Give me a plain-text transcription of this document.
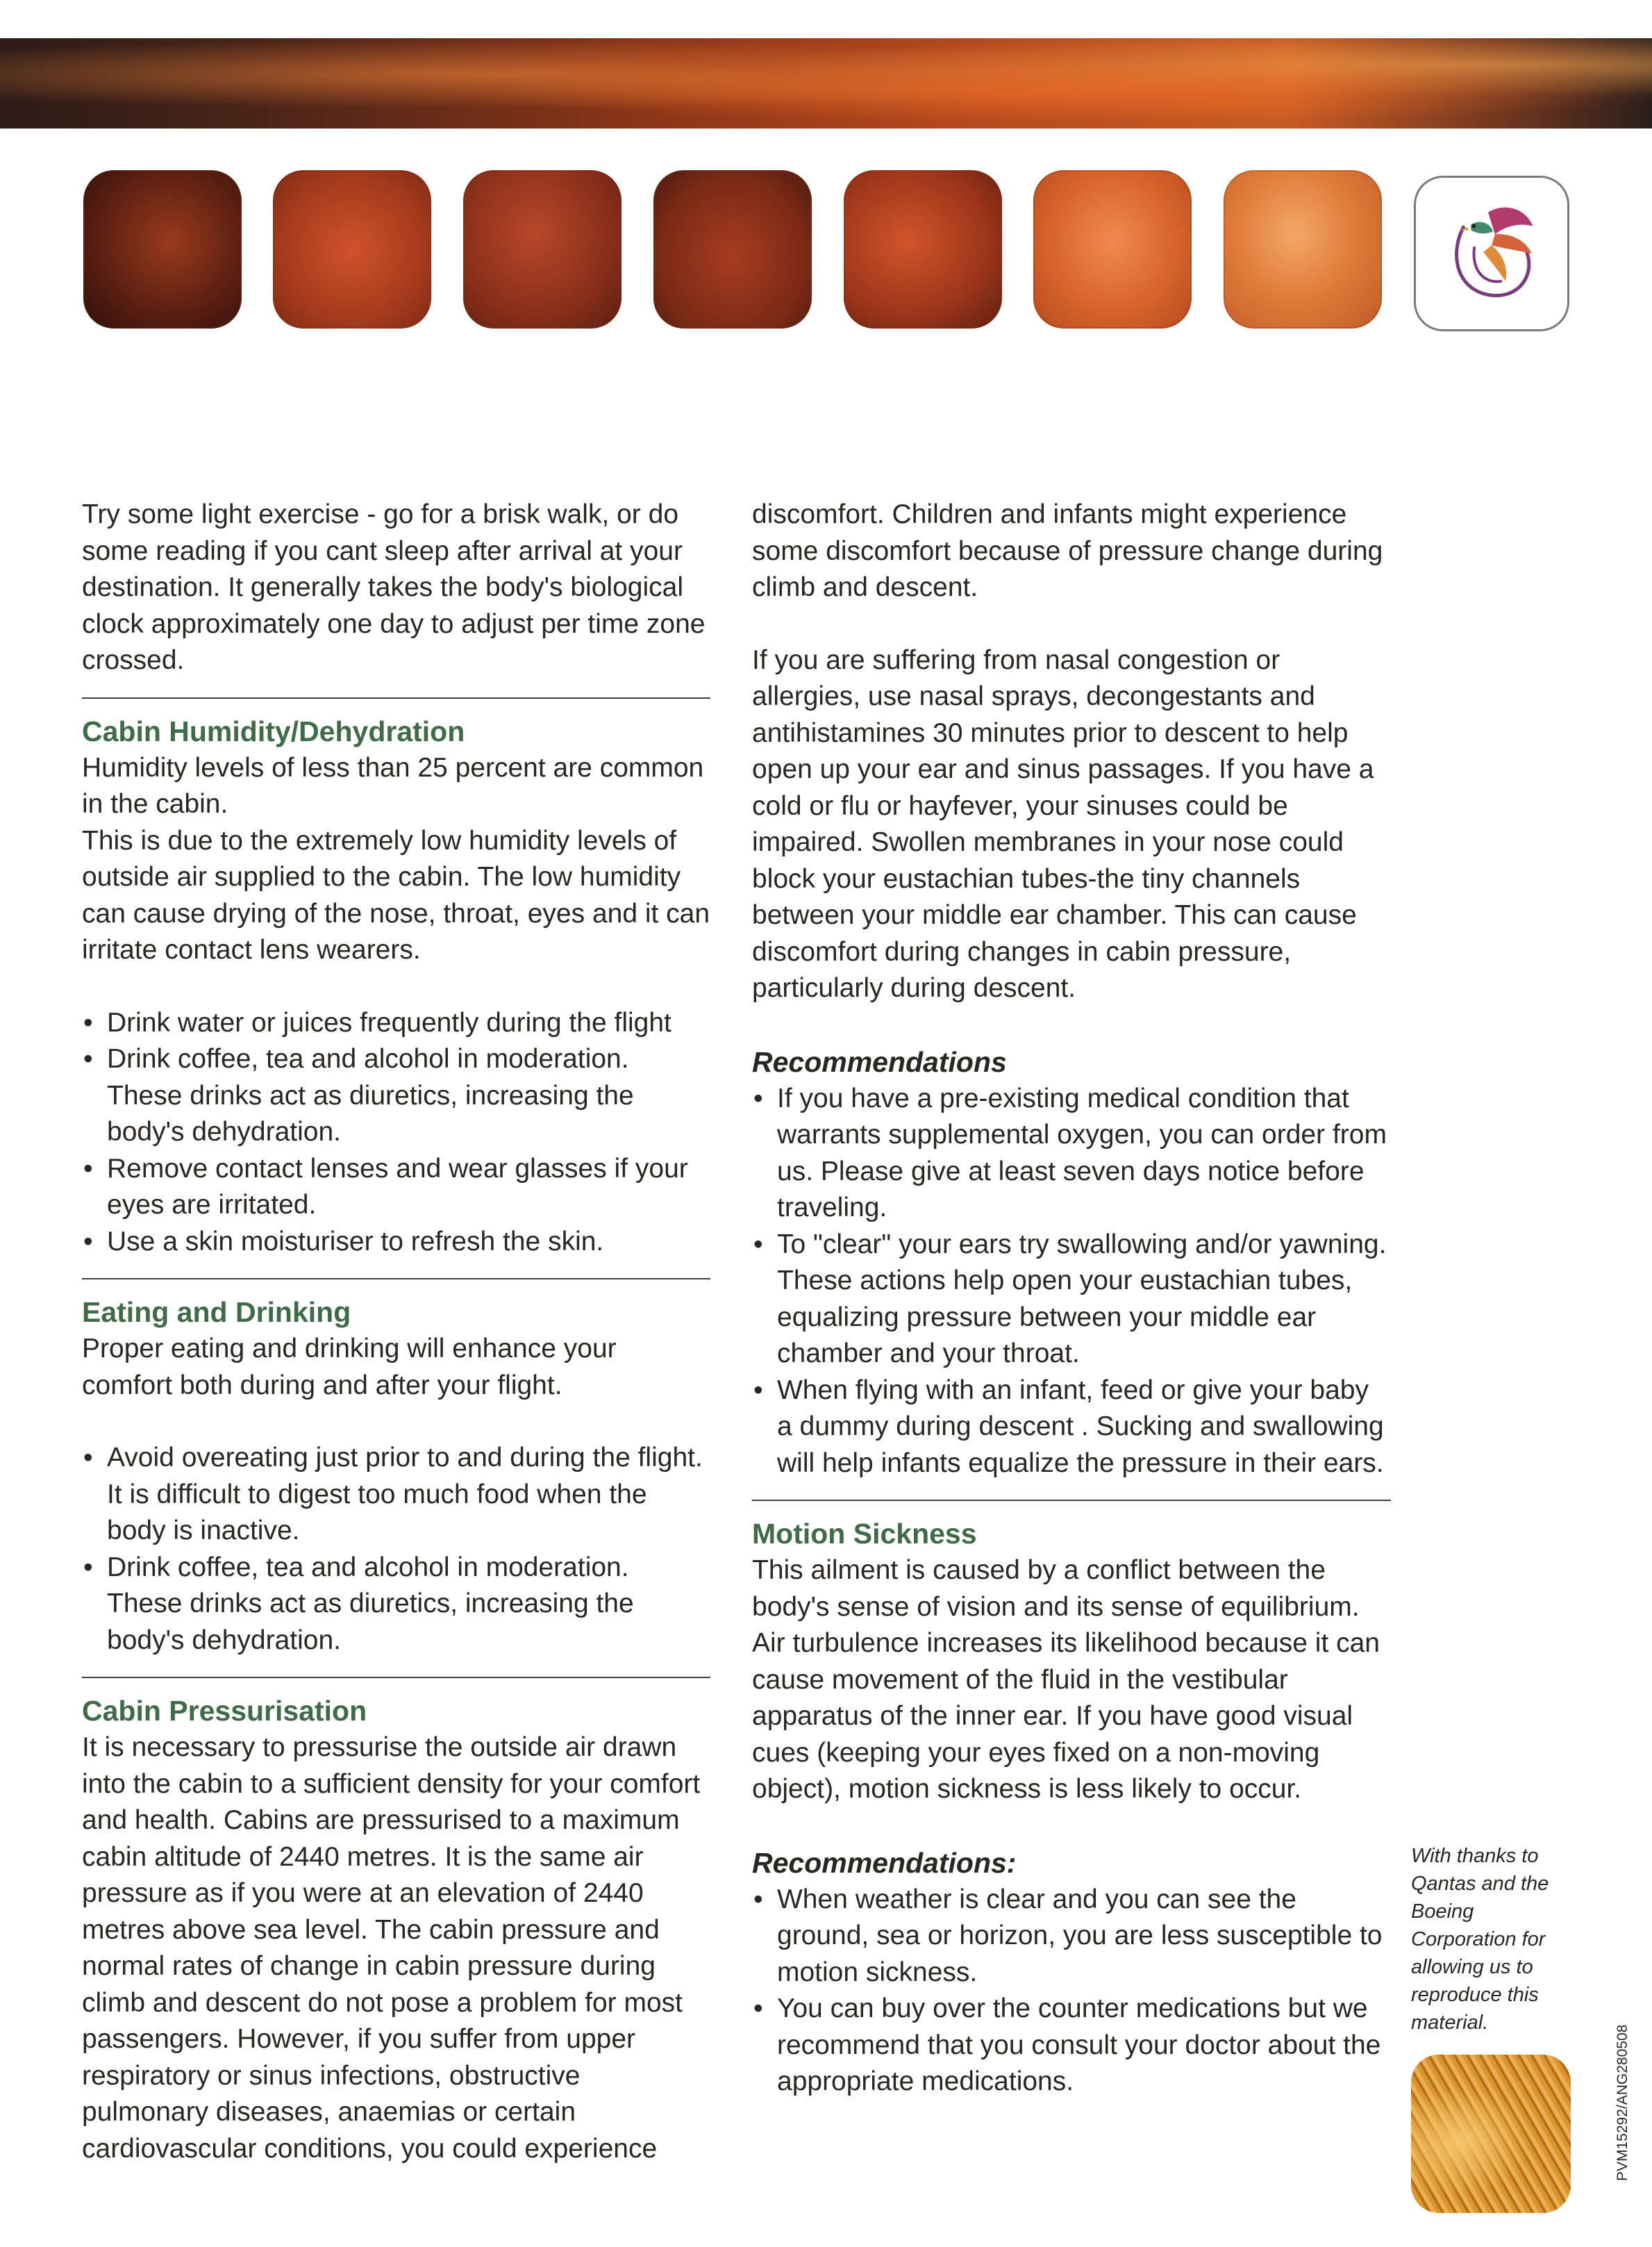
Try some light exercise - go for a brisk walk, or do some reading if you cant sleep after arrival at your destination. It generally takes the body's biological clock approximately one day to adjust per time zone crossed.

Cabin Humidity/Dehydration

Humidity levels of less than 25 percent are common in the cabin.

This is due to the extremely low humidity levels of outside air supplied to the cabin. The low humidity can cause drying of the nose, throat, eyes and it can irritate contact lens wearers.

• Drink water or juices frequently during the flight
• Drink coffee, tea and alcohol in moderation. These drinks act as diuretics, increasing the body's dehydration.
• Remove contact lenses and wear glasses if your eyes are irritated.
• Use a skin moisturiser to refresh the skin.
Eating and Drinking

Proper eating and drinking will enhance your comfort both during and after your flight.

• Avoid overeating just prior to and during the flight. It is difficult to digest too much food when the body is inactive.
• Drink coffee, tea and alcohol in moderation. These drinks act as diuretics, increasing the body's dehydration.
Cabin Pressurisation

It is necessary to pressurise the outside air drawn into the cabin to a sufficient density for your comfort and health. Cabins are pressurised to a maximum cabin altitude of 2440 metres. It is the same air pressure as if you were at an elevation of 2440 metres above sea level. The cabin pressure and normal rates of change in cabin pressure during climb and descent do not pose a problem for most passengers. However, if you suffer from upper respiratory or sinus infections, obstructive pulmonary diseases, anaemias or certain cardiovascular conditions, you could experience

discomfort. Children and infants might experience some discomfort because of pressure change during climb and descent.

If you are suffering from nasal congestion or allergies, use nasal sprays, decongestants and antihistamines 30 minutes prior to descent to help open up your ear and sinus passages. If you have a cold or flu or hayfever, your sinuses could be impaired. Swollen membranes in your nose could block your eustachian tubes-the tiny channels between your middle ear chamber. This can cause discomfort during changes in cabin pressure, particularly during descent.

Recommendations
• If you have a pre-existing medical condition that warrants supplemental oxygen, you can order from us. Please give at least seven days notice before traveling.
• To "clear" your ears try swallowing and/or yawning. These actions help open your eustachian tubes, equalizing pressure between your middle ear chamber and your throat.
• When flying with an infant, feed or give your baby a dummy during descent . Sucking and swallowing will help infants equalize the pressure in their ears.
Motion Sickness

This ailment is caused by a conflict between the body's sense of vision and its sense of equilibrium. Air turbulence increases its likelihood because it can cause movement of the fluid in the vestibular apparatus of the inner ear. If you have good visual cues (keeping your eyes fixed on a non-moving object), motion sickness is less likely to occur.

Recommendations:
• When weather is clear and you can see the ground, sea or horizon, you are less susceptible to motion sickness.
• You can buy over the counter medications but we recommend that you consult your doctor about the appropriate medications.
With thanks to Qantas and the Boeing Corporation for allowing us to reproduce this material.
PVM15292/ANG280508
